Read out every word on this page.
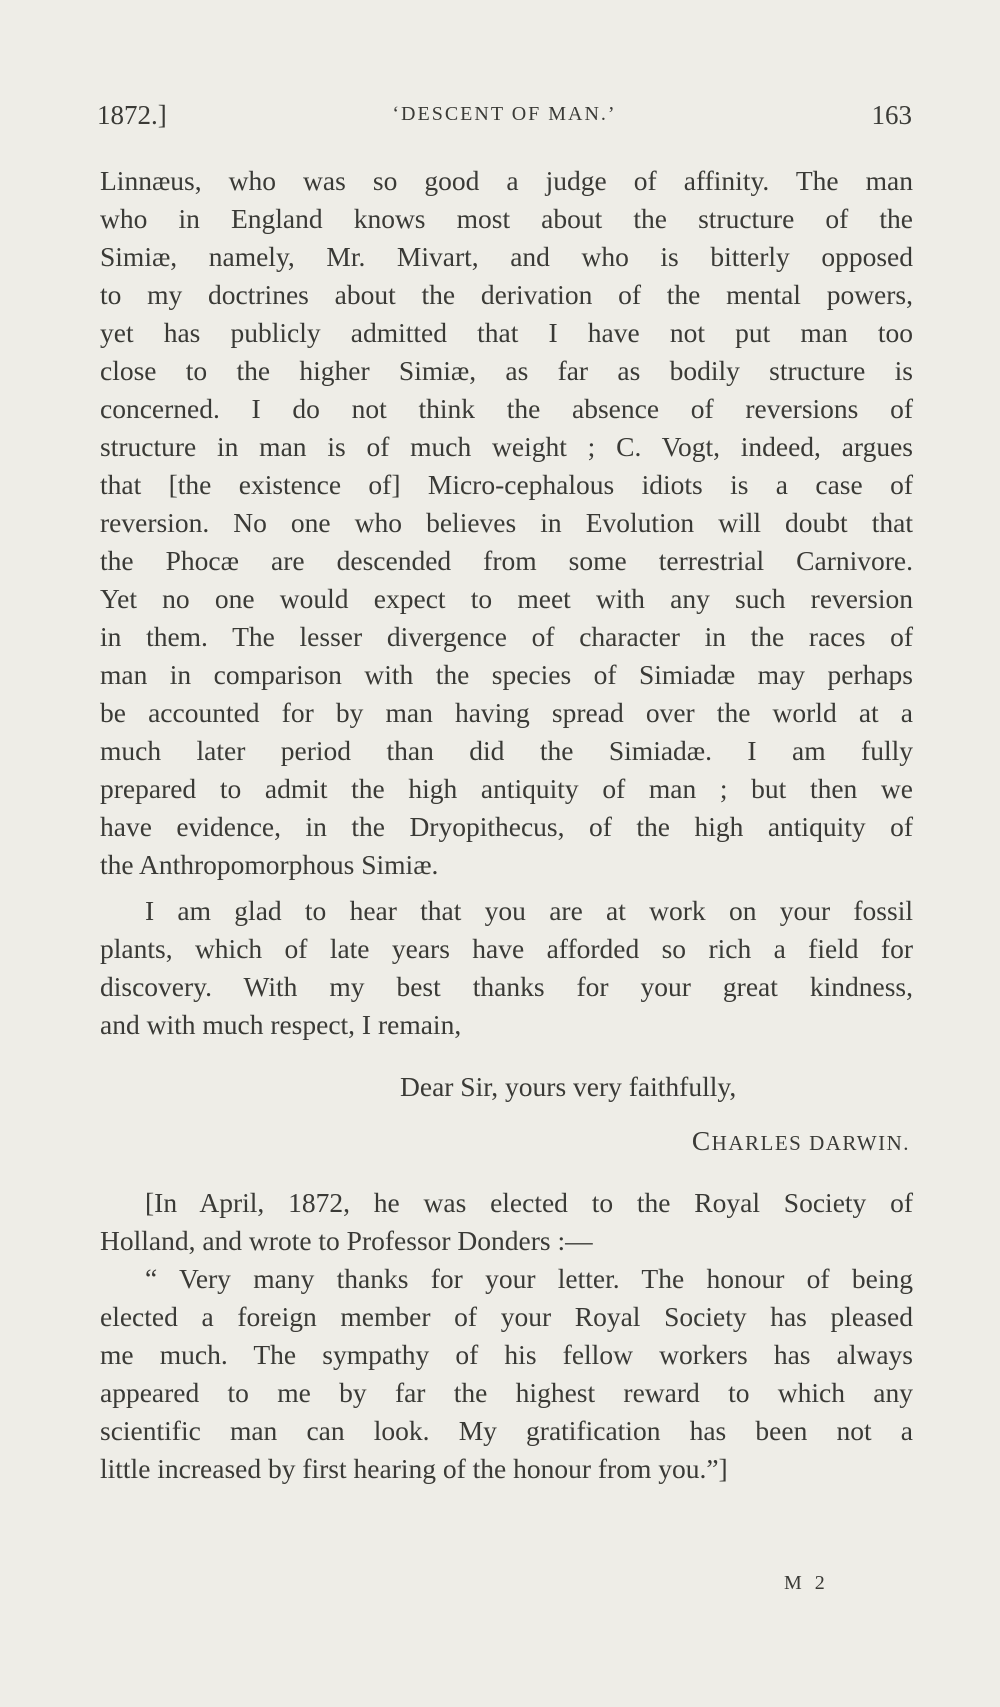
1872.]	‘DESCENT OF MAN.’	163
Linnæus, who was so good a judge of affinity. The man
who in England knows most about the structure of the
Simiæ, namely, Mr. Mivart, and who is bitterly opposed
to my doctrines about the derivation of the mental powers,
yet has publicly admitted that I have not put man too
close to the higher Simiæ, as far as bodily structure is
concerned. I do not think the absence of reversions of
structure in man is of much weight ; C. Vogt, indeed, argues
that [the existence of] Micro-cephalous idiots is a case of
reversion. No one who believes in Evolution will doubt that
the Phocæ are descended from some terrestrial Carnivore.
Yet no one would expect to meet with any such reversion
in them. The lesser divergence of character in the races of
man in comparison with the species of Simiadæ may perhaps
be accounted for by man having spread over the world at a
much later period than did the Simiadæ. I am fully
prepared to admit the high antiquity of man ; but then we
have evidence, in the Dryopithecus, of the high antiquity of
the Anthropomorphous Simiæ.
I am glad to hear that you are at work on your fossil
plants, which of late years have afforded so rich a field for
discovery. With my best thanks for your great kindness,
and with much respect, I remain,
Dear Sir, yours very faithfully,
CHARLES DARWIN.
[In April, 1872, he was elected to the Royal Society of
Holland, and wrote to Professor Donders :—
“ Very many thanks for your letter. The honour of being
elected a foreign member of your Royal Society has pleased
me much. The sympathy of his fellow workers has always
appeared to me by far the highest reward to which any
scientific man can look. My gratification has been not a
little increased by first hearing of the honour from you.”]
M 2
